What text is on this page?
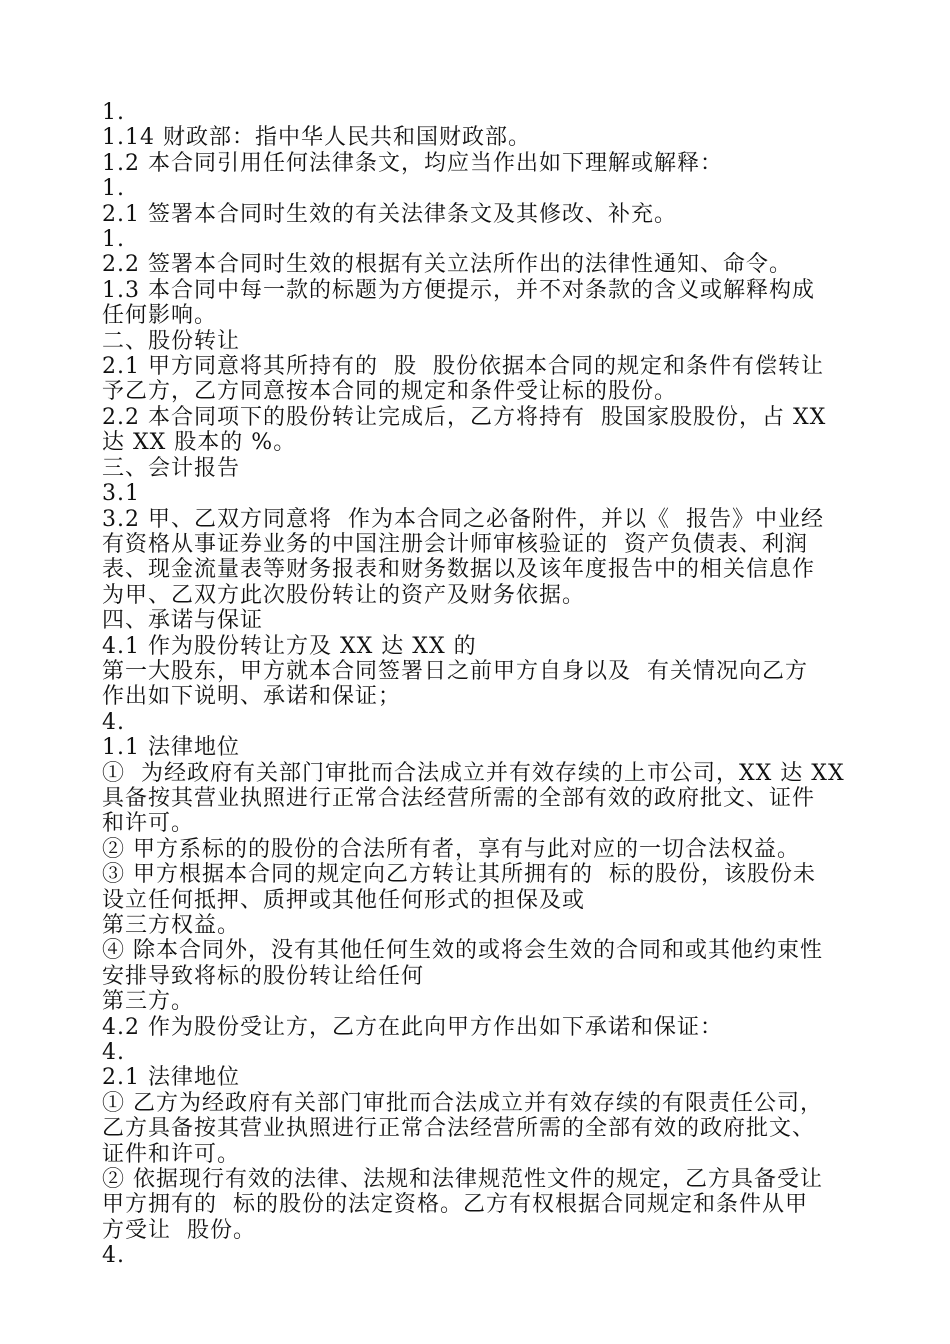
1.
1.14 财政部：指中华人民共和国财政部。
1.2 本合同引用任何法律条文，均应当作出如下理解或解释：
1.
2.1 签署本合同时生效的有关法律条文及其修改、补充。
1.
2.2 签署本合同时生效的根据有关立法所作出的法律性通知、命令。
1.3 本合同中每一款的标题为方便提示，并不对条款的含义或解释构成
任何影响。
二、股份转让
2.1 甲方同意将其所持有的  股  股份依据本合同的规定和条件有偿转让
予乙方，乙方同意按本合同的规定和条件受让标的股份。
2.2 本合同项下的股份转让完成后，乙方将持有  股国家股股份，占 XX
达 XX 股本的 %。
三、会计报告
3.1
3.2 甲、乙双方同意将  作为本合同之必备附件，并以《  报告》中业经
有资格从事证券业务的中国注册会计师审核验证的  资产负债表、利润
表、现金流量表等财务报表和财务数据以及该年度报告中的相关信息作
为甲、乙双方此次股份转让的资产及财务依据。
四、承诺与保证
4.1 作为股份转让方及 XX 达 XX 的
第一大股东，甲方就本合同签署日之前甲方自身以及  有关情况向乙方
作出如下说明、承诺和保证；
4.
1.1 法律地位
①  为经政府有关部门审批而合法成立并有效存续的上市公司，XX 达 XX
具备按其营业执照进行正常合法经营所需的全部有效的政府批文、证件
和许可。
② 甲方系标的的股份的合法所有者，享有与此对应的一切合法权益。
③ 甲方根据本合同的规定向乙方转让其所拥有的  标的股份，该股份未
设立任何抵押、质押或其他任何形式的担保及或
第三方权益。
④ 除本合同外，没有其他任何生效的或将会生效的合同和或其他约束性
安排导致将标的股份转让给任何
第三方。
4.2 作为股份受让方，乙方在此向甲方作出如下承诺和保证：
4.
2.1 法律地位
① 乙方为经政府有关部门审批而合法成立并有效存续的有限责任公司，
乙方具备按其营业执照进行正常合法经营所需的全部有效的政府批文、
证件和许可。
② 依据现行有效的法律、法规和法律规范性文件的规定，乙方具备受让
甲方拥有的  标的股份的法定资格。乙方有权根据合同规定和条件从甲
方受让  股份。
4.
